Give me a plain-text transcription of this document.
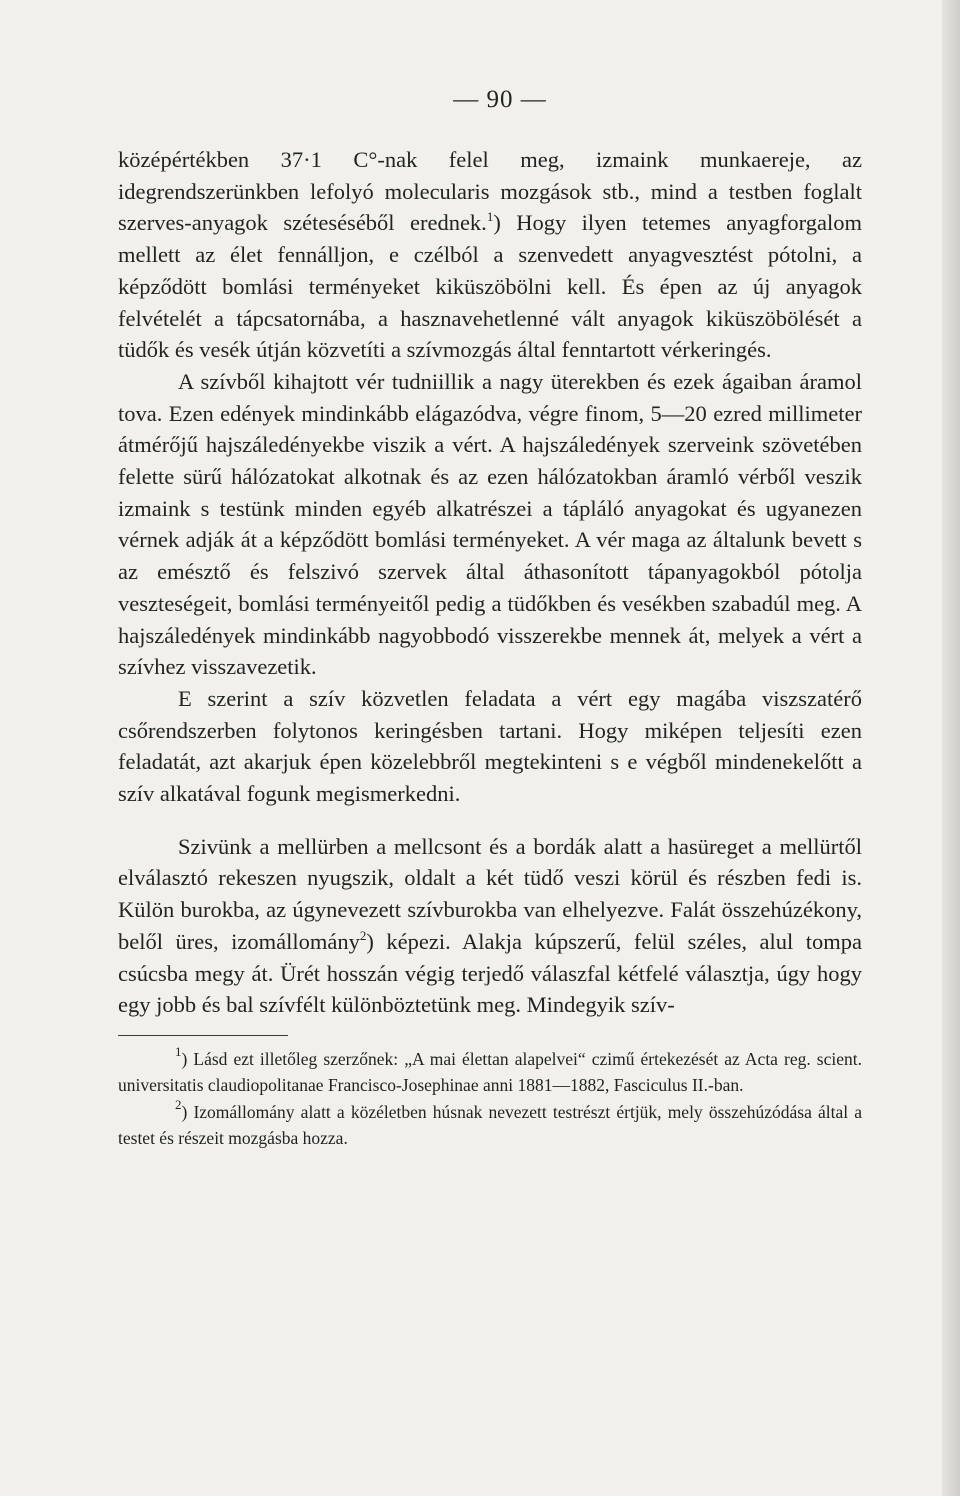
— 90 —

középértékben 37·1 C°-nak felel meg, izmaink munkaereje, az idegrendszerünkben lefolyó molecularis mozgások stb., mind a testben foglalt szerves-anyagok széteséséből erednek.$^1$) Hogy ilyen tetemes anyagforgalom mellett az élet fennálljon, e czélból a szenvedett anyagvesztést pótolni, a képződött bomlási terményeket kiküszöbölni kell. És épen az új anyagok felvételét a tápcsatornába, a hasznavehetlenné vált anyagok kiküszöbölését a tüdők és vesék útján közvetíti a szívmozgás által fenntartott vérkeringés.

A szívből kihajtott vér tudniillik a nagy üterekben és ezek ágaiban áramol tova. Ezen edények mindinkább elágazódva, végre finom, 5—20 ezred millimeter átmérőjű hajszáledényekbe viszik a vért. A hajszáledények szerveink szövetében felette sürű hálózatokat alkotnak és az ezen hálózatokban áramló vérből veszik izmaink s testünk minden egyéb alkatrészei a tápláló anyagokat és ugyanezen vérnek adják át a képződött bomlási terményeket. A vér maga az általunk bevett s az emésztő és felszivó szervek által áthasonított tápanyagokból pótolja veszteségeit, bomlási terményeitől pedig a tüdőkben és vesékben szabadúl meg. A hajszáledények mindinkább nagyobbodó visszerekbe mennek át, melyek a vért a szívhez visszavezetik.

E szerint a szív közvetlen feladata a vért egy magába viszszatérő csőrendszerben folytonos keringésben tartani. Hogy miképen teljesíti ezen feladatát, azt akarjuk épen közelebbről megtekinteni s e végből mindenekelőtt a szív alkatával fogunk megismerkedni.

Szivünk a mellürben a mellcsont és a bordák alatt a hasüreget a mellürtől elválasztó rekeszen nyugszik, oldalt a két tüdő veszi körül és részben fedi is. Külön burokba, az úgynevezett szívburokba van elhelyezve. Falát összehúzékony, belől üres, izomállomány$^2$) képezi. Alakja kúpszerű, felül széles, alul tompa csúcsba megy át. Ürét hosszán végig terjedő válaszfal kétfelé választja, úgy hogy egy jobb és bal szívfélt különböztetünk meg. Mindegyik szív-

$^1$) Lásd ezt illetőleg szerzőnek: „A mai élettan alapelvei“ czimű értekezését az Acta reg. scient. universitatis claudiopolitanae Francisco-Josephinae anni 1881—1882, Fasciculus II.-ban.

$^2$) Izomállomány alatt a közéletben húsnak nevezett testrészt értjük, mely összehúzódása által a testet és részeit mozgásba hozza.
